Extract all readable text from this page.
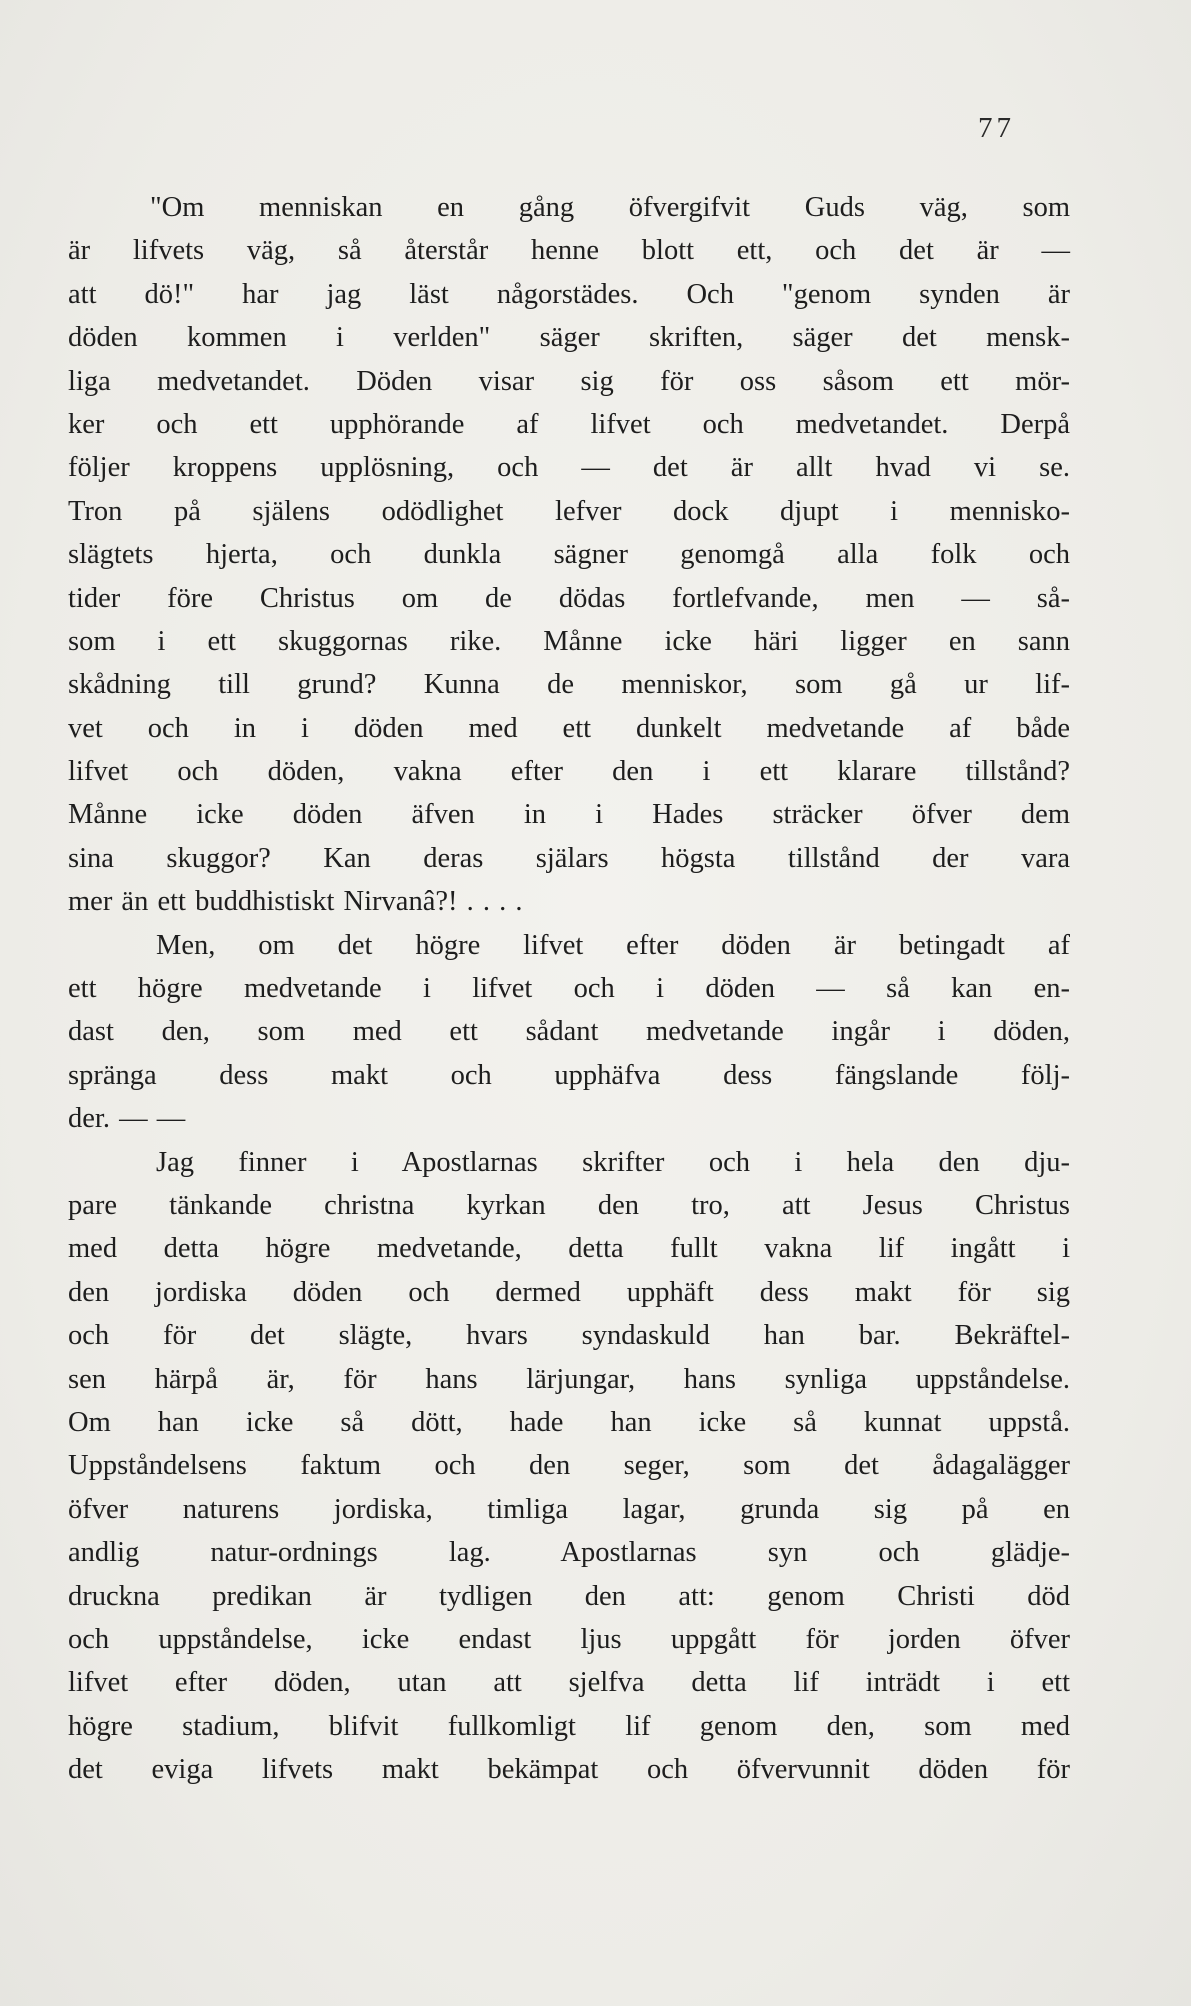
77
"Om menniskan en gång öfvergifvit Guds väg, som
är lifvets väg, så återstår henne blott ett, och det är —
att dö!" har jag läst någorstädes. Och "genom synden är
döden kommen i verlden" säger skriften, säger det mensk-
liga medvetandet. Döden visar sig för oss såsom ett mör-
ker och ett upphörande af lifvet och medvetandet. Derpå
följer kroppens upplösning, och — det är allt hvad vi se.
Tron på själens odödlighet lefver dock djupt i mennisko-
slägtets hjerta, och dunkla sägner genomgå alla folk och
tider före Christus om de dödas fortlefvande, men — så-
som i ett skuggornas rike. Månne icke häri ligger en sann
skådning till grund? Kunna de menniskor, som gå ur lif-
vet och in i döden med ett dunkelt medvetande af både
lifvet och döden, vakna efter den i ett klarare tillstånd?
Månne icke döden äfven in i Hades sträcker öfver dem
sina skuggor? Kan deras själars högsta tillstånd der vara
mer än ett buddhistiskt Nirvanâ?! . . . .
Men, om det högre lifvet efter döden är betingadt af
ett högre medvetande i lifvet och i döden — så kan en-
dast den, som med ett sådant medvetande ingår i döden,
spränga dess makt och upphäfva dess fängslande följ-
der. — —
Jag finner i Apostlarnas skrifter och i hela den dju-
pare tänkande christna kyrkan den tro, att Jesus Christus
med detta högre medvetande, detta fullt vakna lif ingått i
den jordiska döden och dermed upphäft dess makt för sig
och för det slägte, hvars syndaskuld han bar. Bekräftel-
sen härpå är, för hans lärjungar, hans synliga uppståndelse.
Om han icke så dött, hade han icke så kunnat uppstå.
Uppståndelsens faktum och den seger, som det ådagalägger
öfver naturens jordiska, timliga lagar, grunda sig på en
andlig natur-ordnings lag. Apostlarnas syn och glädje-
druckna predikan är tydligen den att: genom Christi död
och uppståndelse, icke endast ljus uppgått för jorden öfver
lifvet efter döden, utan att sjelfva detta lif inträdt i ett
högre stadium, blifvit fullkomligt lif genom den, som med
det eviga lifvets makt bekämpat och öfvervunnit döden för
